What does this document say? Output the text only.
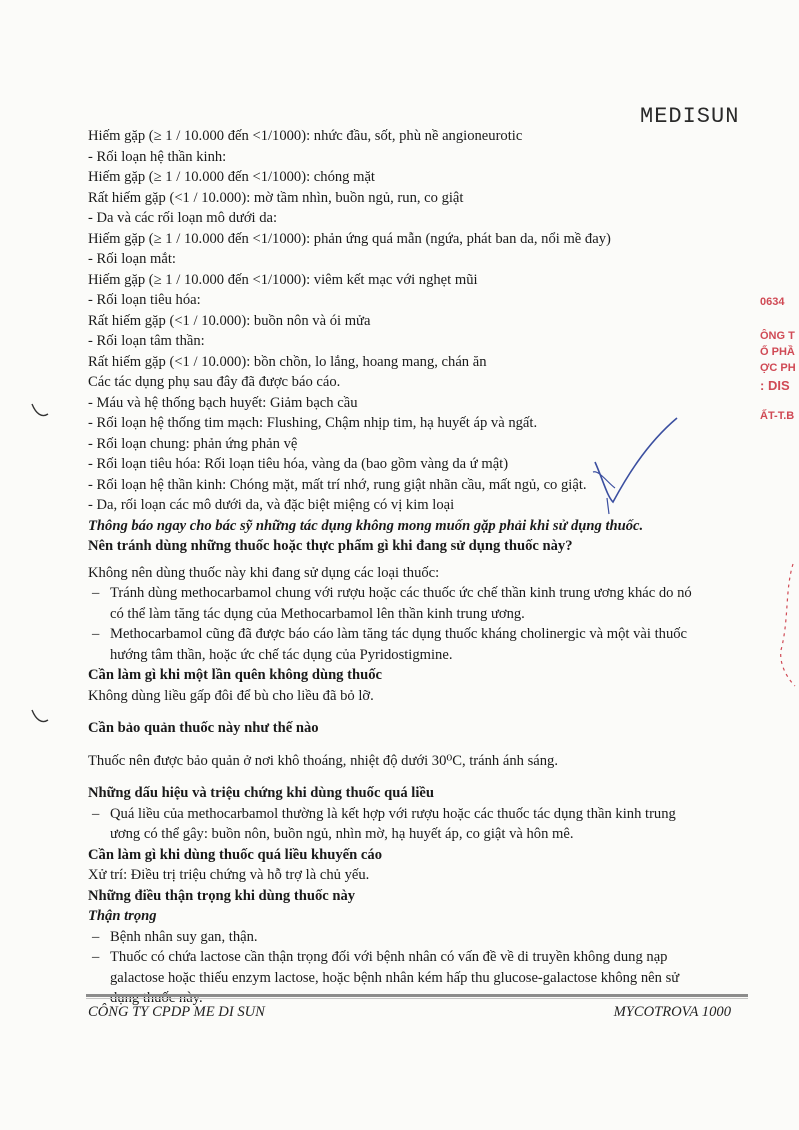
MEDISUN
Hiếm gặp (≥ 1 / 10.000 đến <1/1000): nhức đầu, sốt, phù nề angioneurotic
- Rối loạn hệ thần kinh:
Hiếm gặp (≥ 1 / 10.000 đến <1/1000): chóng mặt
Rất hiếm gặp (<1 / 10.000): mờ tầm nhìn, buồn ngủ, run, co giật
- Da và các rối loạn mô dưới da:
Hiếm gặp (≥ 1 / 10.000 đến <1/1000): phản ứng quá mẫn (ngứa, phát ban da, nổi mề đay)
- Rối loạn mắt:
Hiếm gặp (≥ 1 / 10.000 đến <1/1000): viêm kết mạc với nghẹt mũi
- Rối loạn tiêu hóa:
Rất hiếm gặp (<1 / 10.000): buồn nôn và ói mửa
- Rối loạn tâm thần:
Rất hiếm gặp (<1 / 10.000): bồn chồn, lo lắng, hoang mang, chán ăn
Các tác dụng phụ sau đây đã được báo cáo.
- Máu và hệ thống bạch huyết: Giảm bạch cầu
- Rối loạn hệ thống tim mạch: Flushing, Chậm nhịp tim, hạ huyết áp và ngất.
- Rối loạn chung: phản ứng phản vệ
- Rối loạn tiêu hóa: Rối loạn tiêu hóa, vàng da (bao gồm vàng da ứ mật)
- Rối loạn hệ thần kinh: Chóng mặt, mất trí nhớ, rung giật nhãn cầu, mất ngủ, co giật.
- Da, rối loạn các mô dưới da, và đặc biệt miệng có vị kim loại
Thông báo ngay cho bác sỹ những tác dụng không mong muốn gặp phải khi sử dụng thuốc.
Nên tránh dùng những thuốc hoặc thực phẩm gì khi đang sử dụng thuốc này?
Không nên dùng thuốc này khi đang sử dụng các loại thuốc:
– Tránh dùng methocarbamol chung với rượu hoặc các thuốc ức chế thần kinh trung ương khác do nó
có thể làm tăng tác dụng của Methocarbamol lên thần kinh trung ương.
– Methocarbamol cũng đã được báo cáo làm tăng tác dụng thuốc kháng cholinergic và một vài thuốc
hướng tâm thần, hoặc ức chế tác dụng của Pyridostigmine.
Cần làm gì khi một lần quên không dùng thuốc
Không dùng liều gấp đôi để bù cho liều đã bỏ lỡ.
Cần bảo quản thuốc này như thế nào
Thuốc nên được bảo quản ở nơi khô thoáng, nhiệt độ dưới 30⁰C, tránh ánh sáng.
Những dấu hiệu và triệu chứng khi dùng thuốc quá liều
– Quá liều của methocarbamol thường là kết hợp với rượu hoặc các thuốc tác dụng thần kinh trung
ương có thể gây: buồn nôn, buồn ngủ, nhìn mờ, hạ huyết áp, co giật và hôn mê.
Cần làm gì khi dùng thuốc quá liều khuyến cáo
Xử trí: Điều trị triệu chứng và hỗ trợ là chủ yếu.
Những điều thận trọng khi dùng thuốc này
Thận trọng
– Bệnh nhân suy gan, thận.
– Thuốc có chứa lactose cần thận trọng đối với bệnh nhân có vấn đề về di truyền không dung nạp
galactose hoặc thiếu enzym lactose, hoặc bệnh nhân kém hấp thu glucose-galactose không nên sử
CÔNG TY CPDP ME DI SUN	MYCOTROVA 1000
0634
ÔNG T
Ố PHẦ
ỢC PH
: DIS
ẤT-T.B
